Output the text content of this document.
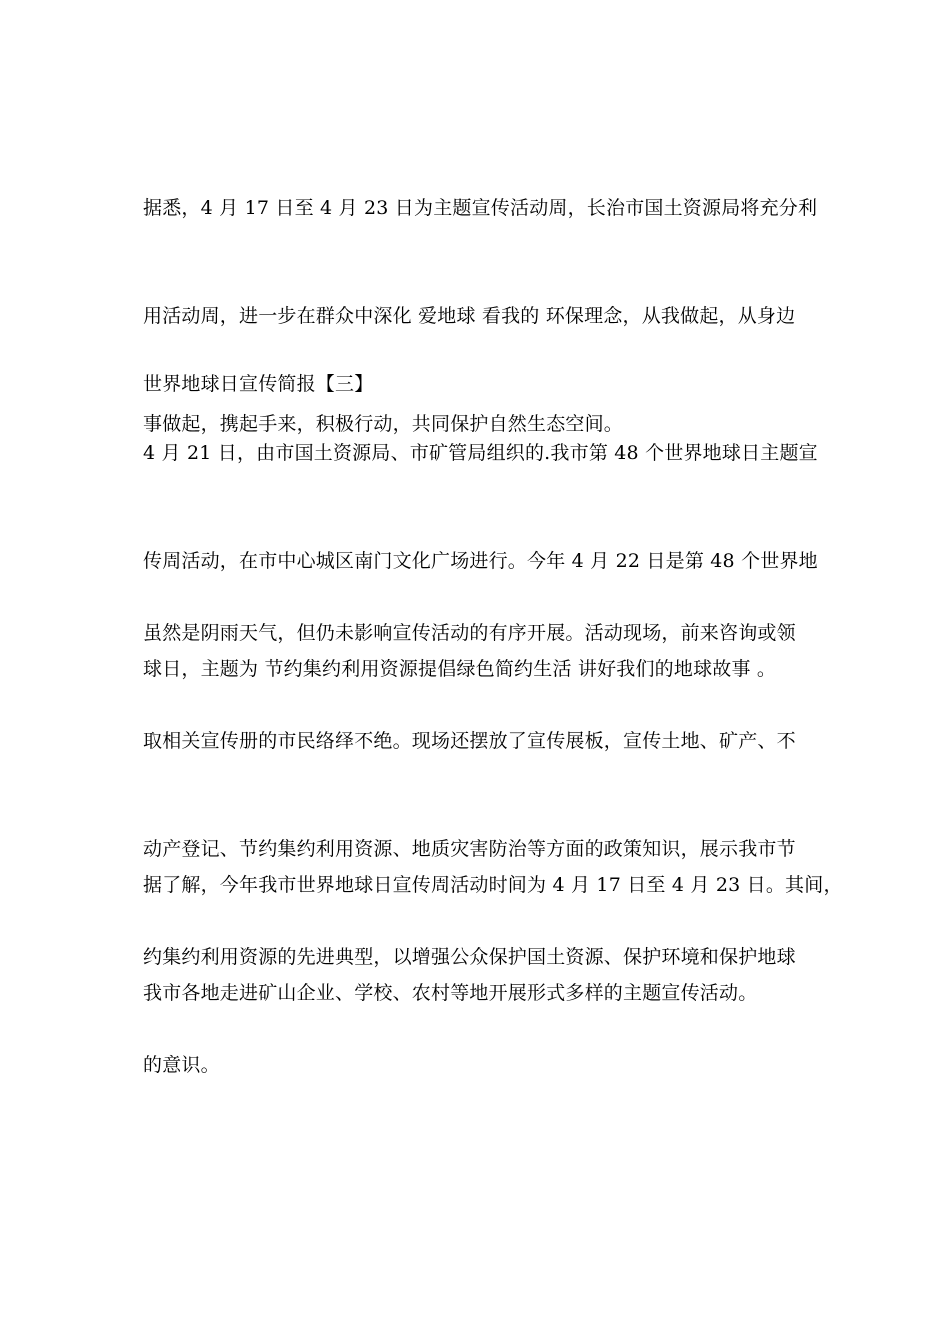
据悉，4 月 17 日至 4 月 23 日为主题宣传活动周，长治市国土资源局将充分利

用活动周，进一步在群众中深化 爱地球 看我的 环保理念，从我做起，从身边

事做起，携起手来，积极行动，共同保护自然生态空间。

世界地球日宣传简报【三】

4 月 21 日，由市国土资源局、市矿管局组织的.我市第 48 个世界地球日主题宣

传周活动，在市中心城区南门文化广场进行。今年 4 月 22 日是第 48 个世界地

球日，主题为 节约集约利用资源提倡绿色简约生活 讲好我们的地球故事 。

虽然是阴雨天气，但仍未影响宣传活动的有序开展。活动现场，前来咨询或领

取相关宣传册的市民络绎不绝。现场还摆放了宣传展板，宣传土地、矿产、不

动产登记、节约集约利用资源、地质灾害防治等方面的政策知识，展示我市节

约集约利用资源的先进典型，以增强公众保护国土资源、保护环境和保护地球

的意识。

据了解，今年我市世界地球日宣传周活动时间为 4 月 17 日至 4 月 23 日。其间，

我市各地走进矿山企业、学校、农村等地开展形式多样的主题宣传活动。
